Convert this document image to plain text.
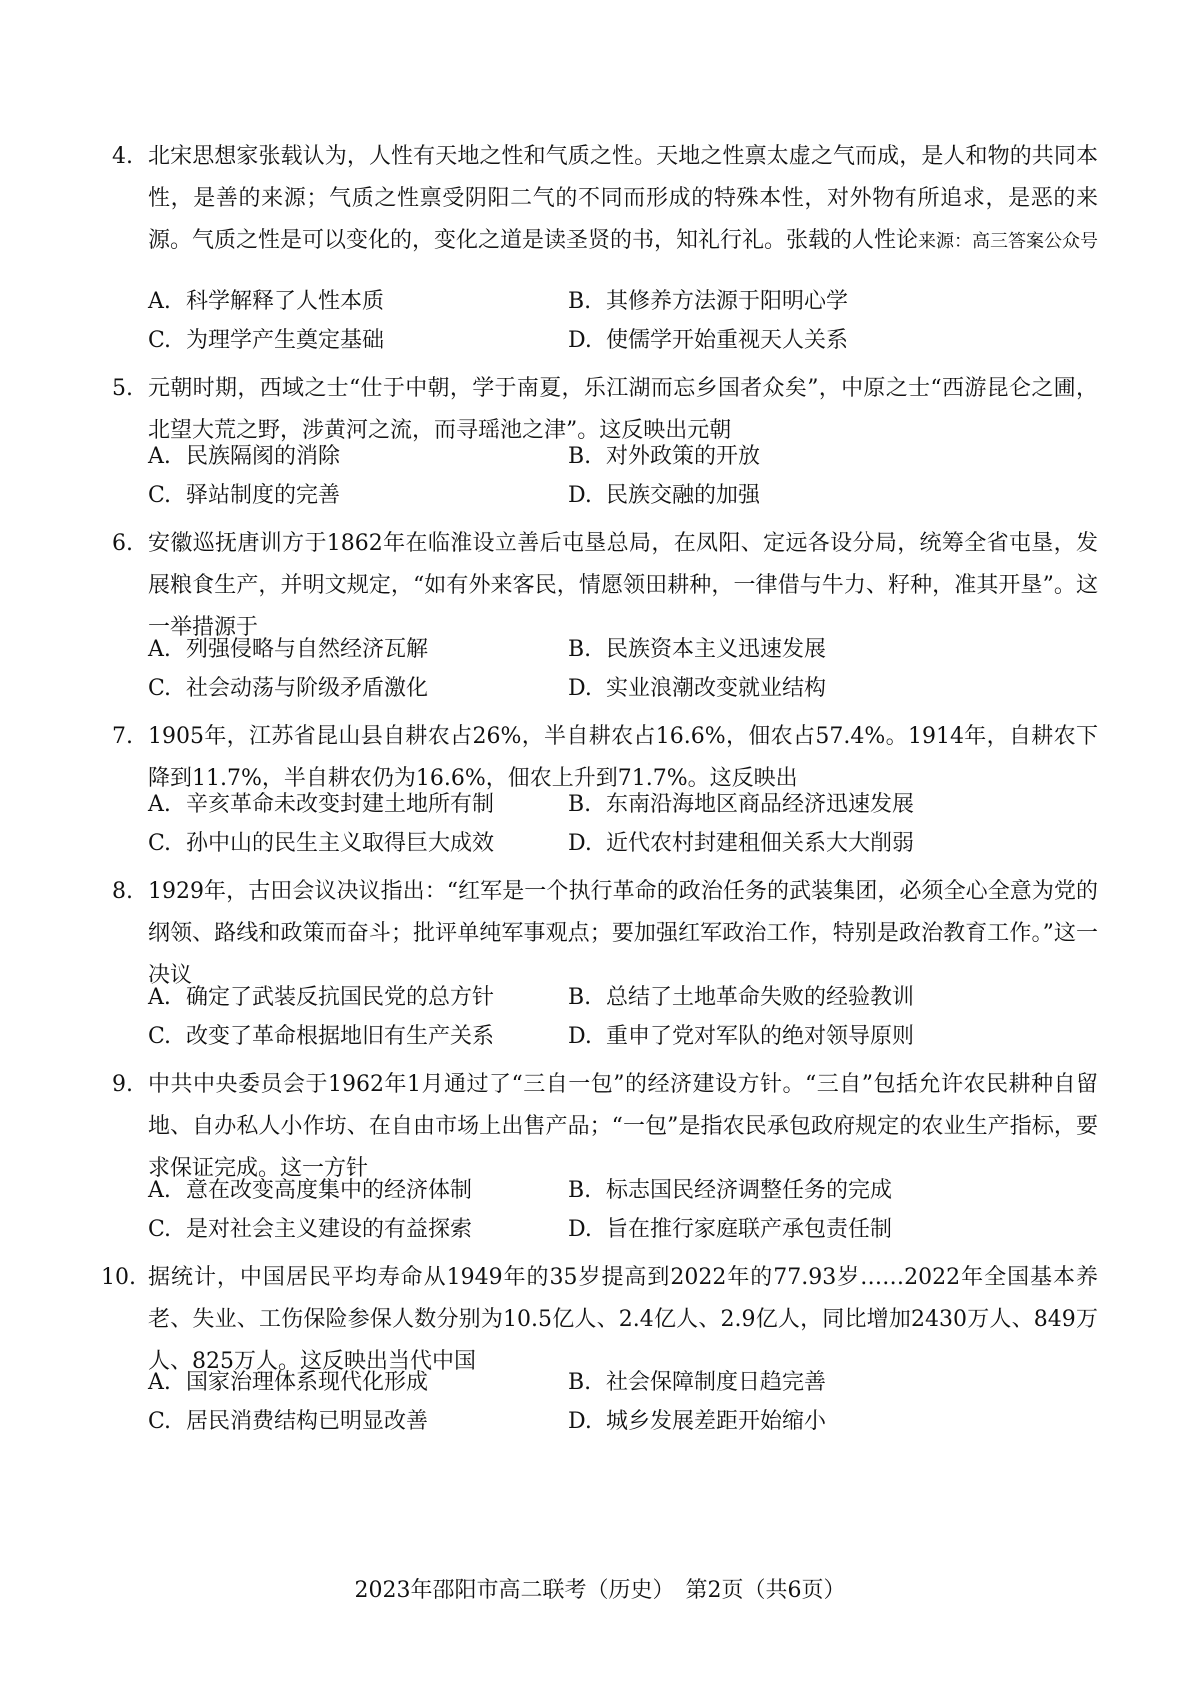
4. 北宋思想家张载认为，人性有天地之性和气质之性。天地之性禀太虚之气而成，是人和物的共同本性，是善的来源；气质之性禀受阴阳二气的不同而形成的特殊本性，对外物有所追求，是恶的来源。气质之性是可以变化的，变化之道是读圣贤的书，知礼行礼。张载的人性论来源：高三答案公众号
A. 科学解释了人性本质	B. 其修养方法源于阳明心学
C. 为理学产生奠定基础	D. 使儒学开始重视天人关系
5. 元朝时期，西域之士“仕于中朝，学于南夏，乐江湖而忘乡国者众矣”，中原之士“西游昆仑之圃，北望大荒之野，涉黄河之流，而寻瑶池之津”。这反映出元朝
A. 民族隔阂的消除	B. 对外政策的开放
C. 驿站制度的完善	D. 民族交融的加强
6. 安徽巡抚唐训方于1862年在临淮设立善后屯垦总局，在凤阳、定远各设分局，统筹全省屯垦，发展粮食生产，并明文规定，“如有外来客民，情愿领田耕种，一律借与牛力、籽种，准其开垦”。这一举措源于
A. 列强侵略与自然经济瓦解	B. 民族资本主义迅速发展
C. 社会动荡与阶级矛盾激化	D. 实业浪潮改变就业结构
7. 1905年，江苏省昆山县自耕农占26%，半自耕农占16.6%，佃农占57.4%。1914年，自耕农下降到11.7%，半自耕农仍为16.6%，佃农上升到71.7%。这反映出
A. 辛亥革命未改变封建土地所有制	B. 东南沿海地区商品经济迅速发展
C. 孙中山的民生主义取得巨大成效	D. 近代农村封建租佃关系大大削弱
8. 1929年，古田会议决议指出：“红军是一个执行革命的政治任务的武装集团，必须全心全意为党的纲领、路线和政策而奋斗；批评单纯军事观点；要加强红军政治工作，特别是政治教育工作。”这一决议
A. 确定了武装反抗国民党的总方针	B. 总结了土地革命失败的经验教训
C. 改变了革命根据地旧有生产关系	D. 重申了党对军队的绝对领导原则
9. 中共中央委员会于1962年1月通过了“三自一包”的经济建设方针。“三自”包括允许农民耕种自留地、自办私人小作坊、在自由市场上出售产品；“一包”是指农民承包政府规定的农业生产指标，要求保证完成。这一方针
A. 意在改变高度集中的经济体制	B. 标志国民经济调整任务的完成
C. 是对社会主义建设的有益探索	D. 旨在推行家庭联产承包责任制
10. 据统计，中国居民平均寿命从1949年的35岁提高到2022年的77.93岁……2022年全国基本养老、失业、工伤保险参保人数分别为10.5亿人、2.4亿人、2.9亿人，同比增加2430万人、849万人、825万人。这反映出当代中国
A. 国家治理体系现代化形成	B. 社会保障制度日趋完善
C. 居民消费结构已明显改善	D. 城乡发展差距开始缩小
2023年邵阳市高二联考（历史）　第2页（共6页）
